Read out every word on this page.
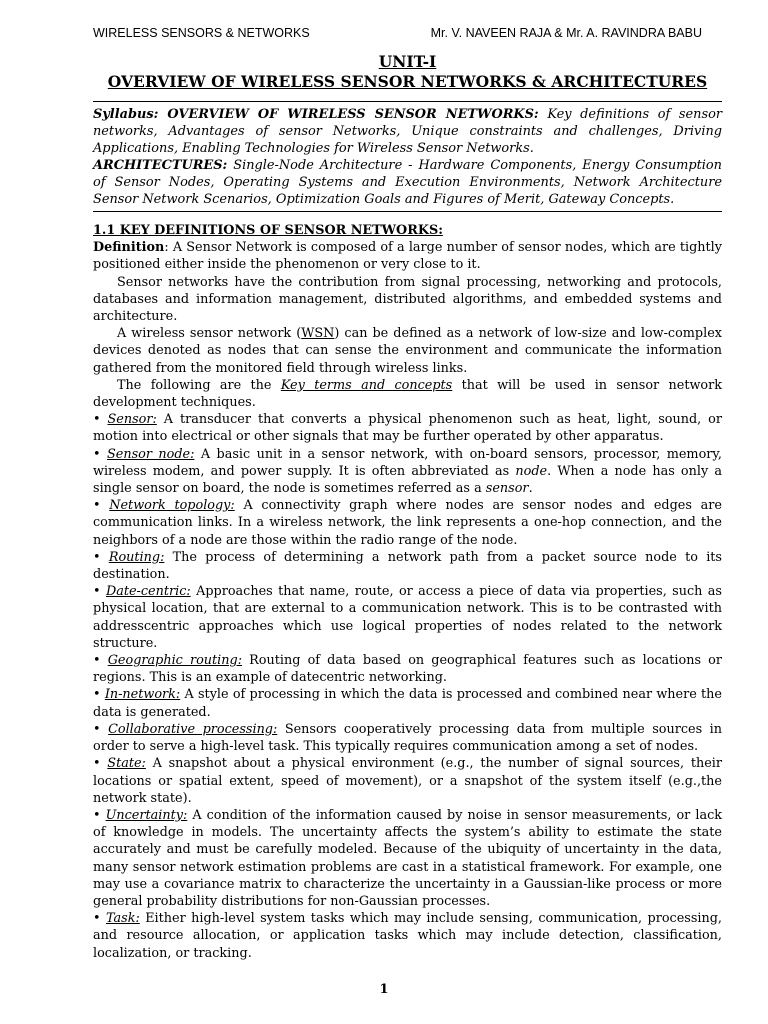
WIRELESS SENSORS & NETWORKS	Mr. V. NAVEEN RAJA & Mr. A. RAVINDRA BABU
UNIT-I
OVERVIEW OF WIRELESS SENSOR NETWORKS & ARCHITECTURES
Syllabus: OVERVIEW OF WIRELESS SENSOR NETWORKS: Key definitions of sensor networks, Advantages of sensor Networks, Unique constraints and challenges, Driving Applications, Enabling Technologies for Wireless Sensor Networks.
ARCHITECTURES: Single-Node Architecture - Hardware Components, Energy Consumption of Sensor Nodes, Operating Systems and Execution Environments, Network Architecture Sensor Network Scenarios, Optimization Goals and Figures of Merit, Gateway Concepts.

1.1 KEY DEFINITIONS OF SENSOR NETWORKS:

Definition: A Sensor Network is composed of a large number of sensor nodes, which are tightly positioned either inside the phenomenon or very close to it.

Sensor networks have the contribution from signal processing, networking and protocols, databases and information management, distributed algorithms, and embedded systems and architecture.

A wireless sensor network (WSN) can be defined as a network of low-size and low-complex devices denoted as nodes that can sense the environment and communicate the information gathered from the monitored field through wireless links.

The following are the Key terms and concepts that will be used in sensor network development techniques.

• Sensor: A transducer that converts a physical phenomenon such as heat, light, sound, or motion into electrical or other signals that may be further operated by other apparatus.

• Sensor node: A basic unit in a sensor network, with on-board sensors, processor, memory, wireless modem, and power supply. It is often abbreviated as node. When a node has only a single sensor on board, the node is sometimes referred as a sensor.

• Network topology: A connectivity graph where nodes are sensor nodes and edges are communication links. In a wireless network, the link represents a one-hop connection, and the neighbors of a node are those within the radio range of the node.

• Routing: The process of determining a network path from a packet source node to its destination.

• Date-centric: Approaches that name, route, or access a piece of data via properties, such as physical location, that are external to a communication network. This is to be contrasted with addresscentric approaches which use logical properties of nodes related to the network structure.

• Geographic routing: Routing of data based on geographical features such as locations or regions. This is an example of datecentric networking.

• In-network: A style of processing in which the data is processed and combined near where the data is generated.

• Collaborative processing: Sensors cooperatively processing data from multiple sources in order to serve a high-level task. This typically requires communication among a set of nodes.

• State: A snapshot about a physical environment (e.g., the number of signal sources, their locations or spatial extent, speed of movement), or a snapshot of the system itself (e.g.,the network state).

• Uncertainty: A condition of the information caused by noise in sensor measurements, or lack of knowledge in models. The uncertainty affects the system’s ability to estimate the state accurately and must be carefully modeled. Because of the ubiquity of uncertainty in the data, many sensor network estimation problems are cast in a statistical framework. For example, one may use a covariance matrix to characterize the uncertainty in a Gaussian-like process or more general probability distributions for non-Gaussian processes.

• Task: Either high-level system tasks which may include sensing, communication, processing, and resource allocation, or application tasks which may include detection, classification, localization, or tracking.

1
